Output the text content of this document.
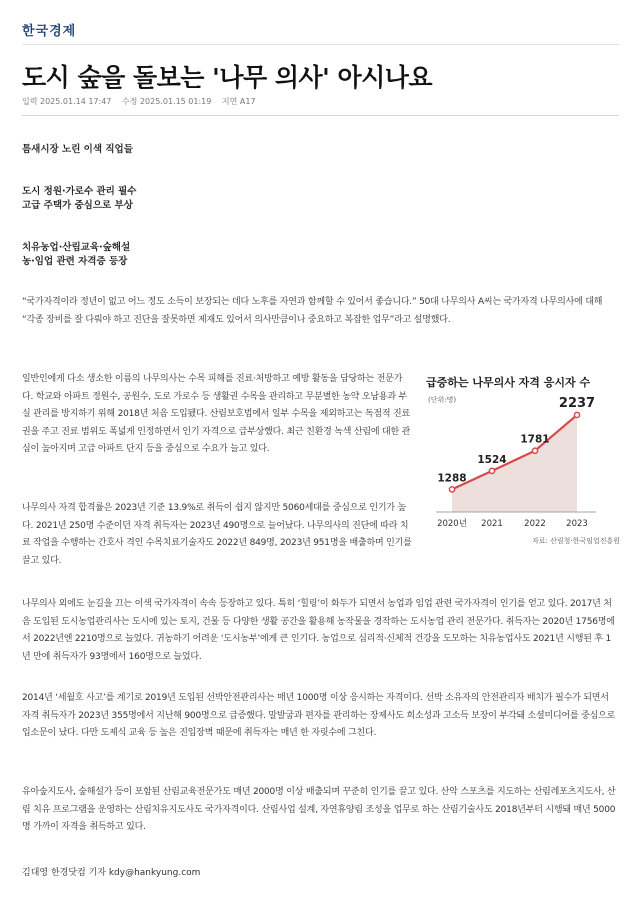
한국경제
도시 숲을 돌보는 '나무 의사' 아시나요
입력 2025.01.14 17:47 수정 2025.01.15 01:19 지면 A17
틈새시장 노린 이색 직업들
도시 정원·가로수 관리 필수
고급 주택가 중심으로 부상
치유농업·산림교육·숲해설
농·임업 관련 자격증 등장

“국가자격이라 정년이 없고 어느 정도 소득이 보장되는 데다 노후를 자연과 함께할 수 있어서 좋습니다.” 50대 나무의사 A씨는 국가자격 나무의사에 대해 “각종 장비를 잘 다뤄야 하고 진단을 잘못하면 제재도 있어서 의사만큼이나 중요하고 복잡한 업무”라고 설명했다.

일반인에게 다소 생소한 이름의 나무의사는 수목 피해를 진료·처방하고 예방 활동을 담당하는 전문가다. 학교와 아파트 정원수, 공원수, 도로 가로수 등 생활권 수목을 관리하고 무분별한 농약 오남용과 부실 관리를 방지하기 위해 2018년 처음 도입됐다. 산림보호법에서 일부 수목을 제외하고는 독점적 진료권을 주고 진료 범위도 폭넓게 인정하면서 인기 자격으로 급부상했다. 최근 친환경 녹색 산림에 대한 관심이 높아지며 고급 아파트 단지 등을 중심으로 수요가 늘고 있다.

나무의사 자격 합격률은 2023년 기준 13.9%로 취득이 쉽지 않지만 5060세대를 중심으로 인기가 높다. 2021년 250명 수준이던 자격 취득자는 2023년 490명으로 늘어났다. 나무의사의 진단에 따라 치료 작업을 수행하는 간호사 격인 수목치료기술자도 2022년 849명, 2023년 951명을 배출하며 인기를 끌고 있다.

나무의사 외에도 눈길을 끄는 이색 국가자격이 속속 등장하고 있다. 특히 ‘힐링’이 화두가 되면서 농업과 임업 관련 국가자격이 인기를 얻고 있다. 2017년 처음 도입된 도시농업관리사는 도시에 있는 토지, 건물 등 다양한 생활 공간을 활용해 농작물을 경작하는 도시농업 관리 전문가다. 취득자는 2020년 1756명에서 2022년엔 2210명으로 늘었다. 귀농하기 어려운 ‘도시농부’에게 큰 인기다. 농업으로 심리적·신체적 건강을 도모하는 치유농업사도 2021년 시행된 후 1년 만에 취득자가 93명에서 160명으로 늘었다.

2014년 ‘세월호 사고’를 계기로 2019년 도입된 선박안전관리사는 매년 1000명 이상 응시하는 자격이다. 선박 소유자의 안전관리자 배치가 필수가 되면서 자격 취득자가 2023년 355명에서 지난해 900명으로 급증했다. 말발굽과 편자를 관리하는 장제사도 희소성과 고소득 보장이 부각돼 소셜미디어를 중심으로 입소문이 났다. 다만 도제식 교육 등 높은 진입장벽 때문에 취득자는 매년 한 자릿수에 그친다.

유아숲지도사, 숲해설가 등이 포함된 산림교육전문가도 매년 2000명 이상 배출되며 꾸준히 인기를 끌고 있다. 산악 스포츠를 지도하는 산림레포츠지도사, 산림 치유 프로그램을 운영하는 산림치유지도사도 국가자격이다. 산림사업 설계, 자연휴양림 조성을 업무로 하는 산림기술사도 2018년부터 시행돼 매년 5000명 가까이 자격을 취득하고 있다.

급증하는 나무의사 자격 응시자 수
(단위:명)
1288
2020년
1524
2021
1781
2022
2237
2023
자료: 산림청·한국임업진흥원
김대영 한경닷컴 기자 kdy@hankyung.com
